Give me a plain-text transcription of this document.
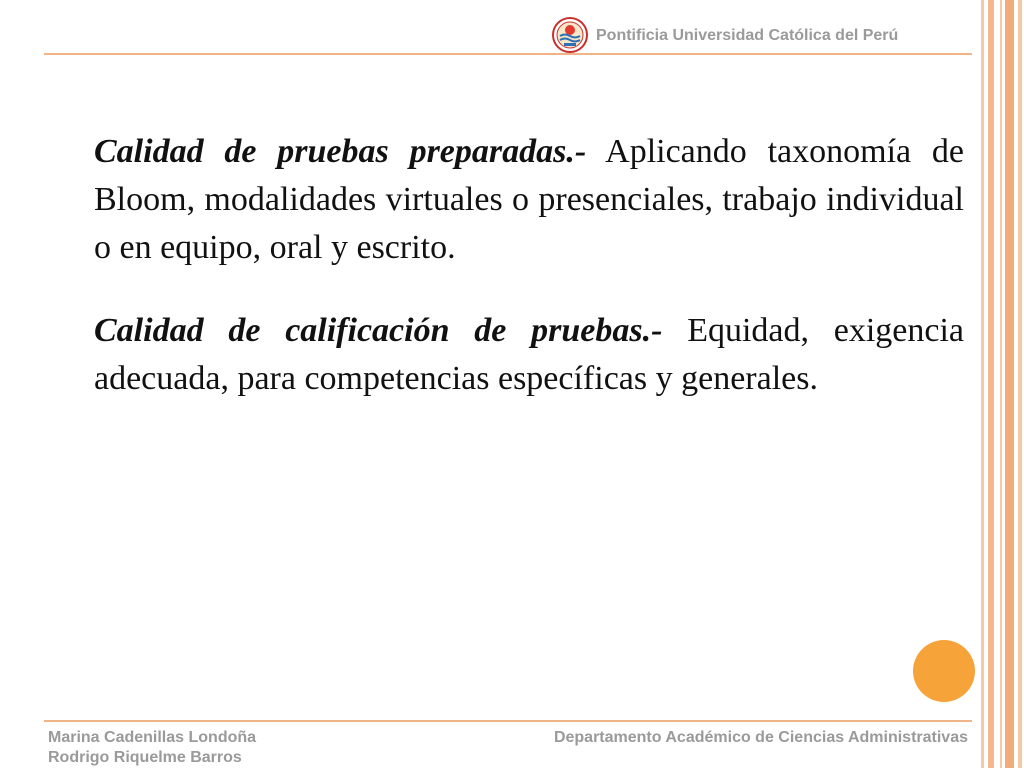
Pontificia Universidad Católica del Perú

Calidad de pruebas preparadas.- Aplicando taxonomía de Bloom, modalidades virtuales o presenciales, trabajo individual o en equipo, oral y escrito.

Calidad de calificación de pruebas.- Equidad, exigencia adecuada, para competencias específicas y generales.

Marina Cadenillas Londoña
Rodrigo Riquelme Barros
Departamento Académico de Ciencias Administrativas
